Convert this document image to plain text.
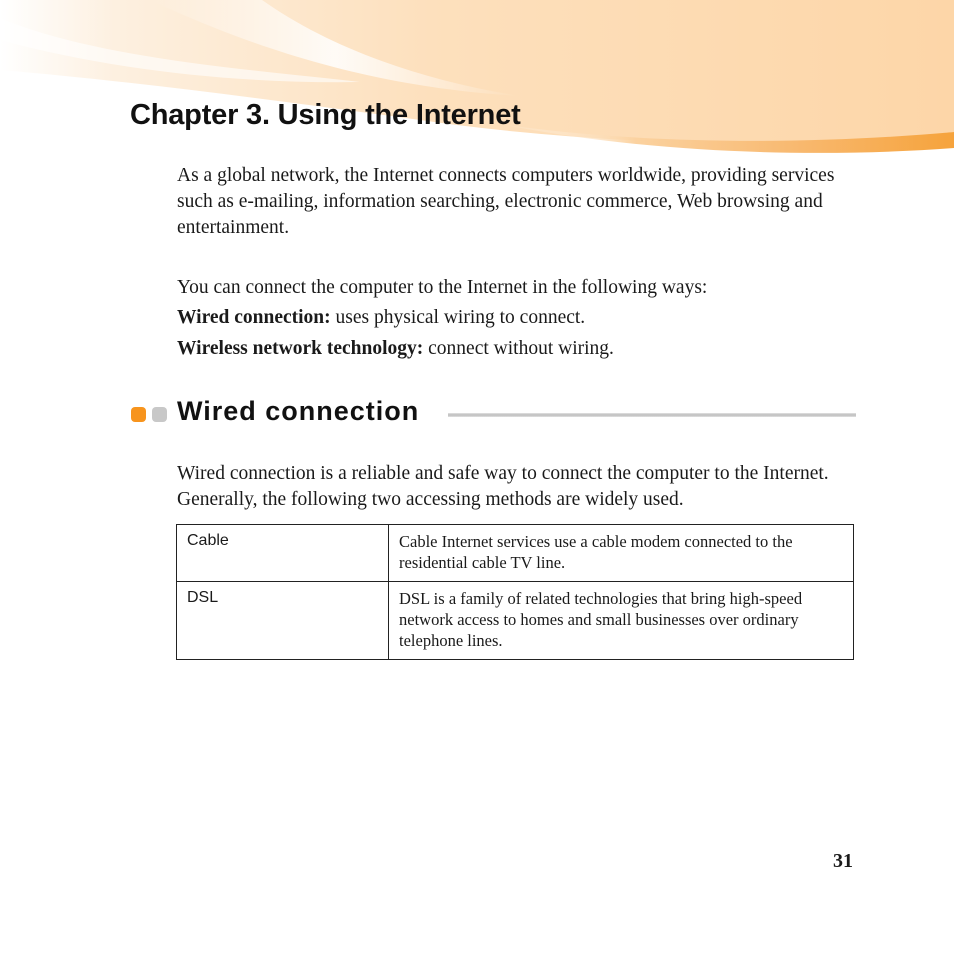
Chapter 3. Using the Internet

As a global network, the Internet connects computers worldwide, providing services such as e-mailing, information searching, electronic commerce, Web browsing and entertainment.

You can connect the computer to the Internet in the following ways:

Wired connection: uses physical wiring to connect.

Wireless network technology: connect without wiring.

Wired connection

Wired connection is a reliable and safe way to connect the computer to the Internet. Generally, the following two accessing methods are widely used.

Cable	Cable Internet services use a cable modem connected to the residential cable TV line.
DSL	DSL is a family of related technologies that bring high-speed network access to homes and small businesses over ordinary telephone lines.
31
